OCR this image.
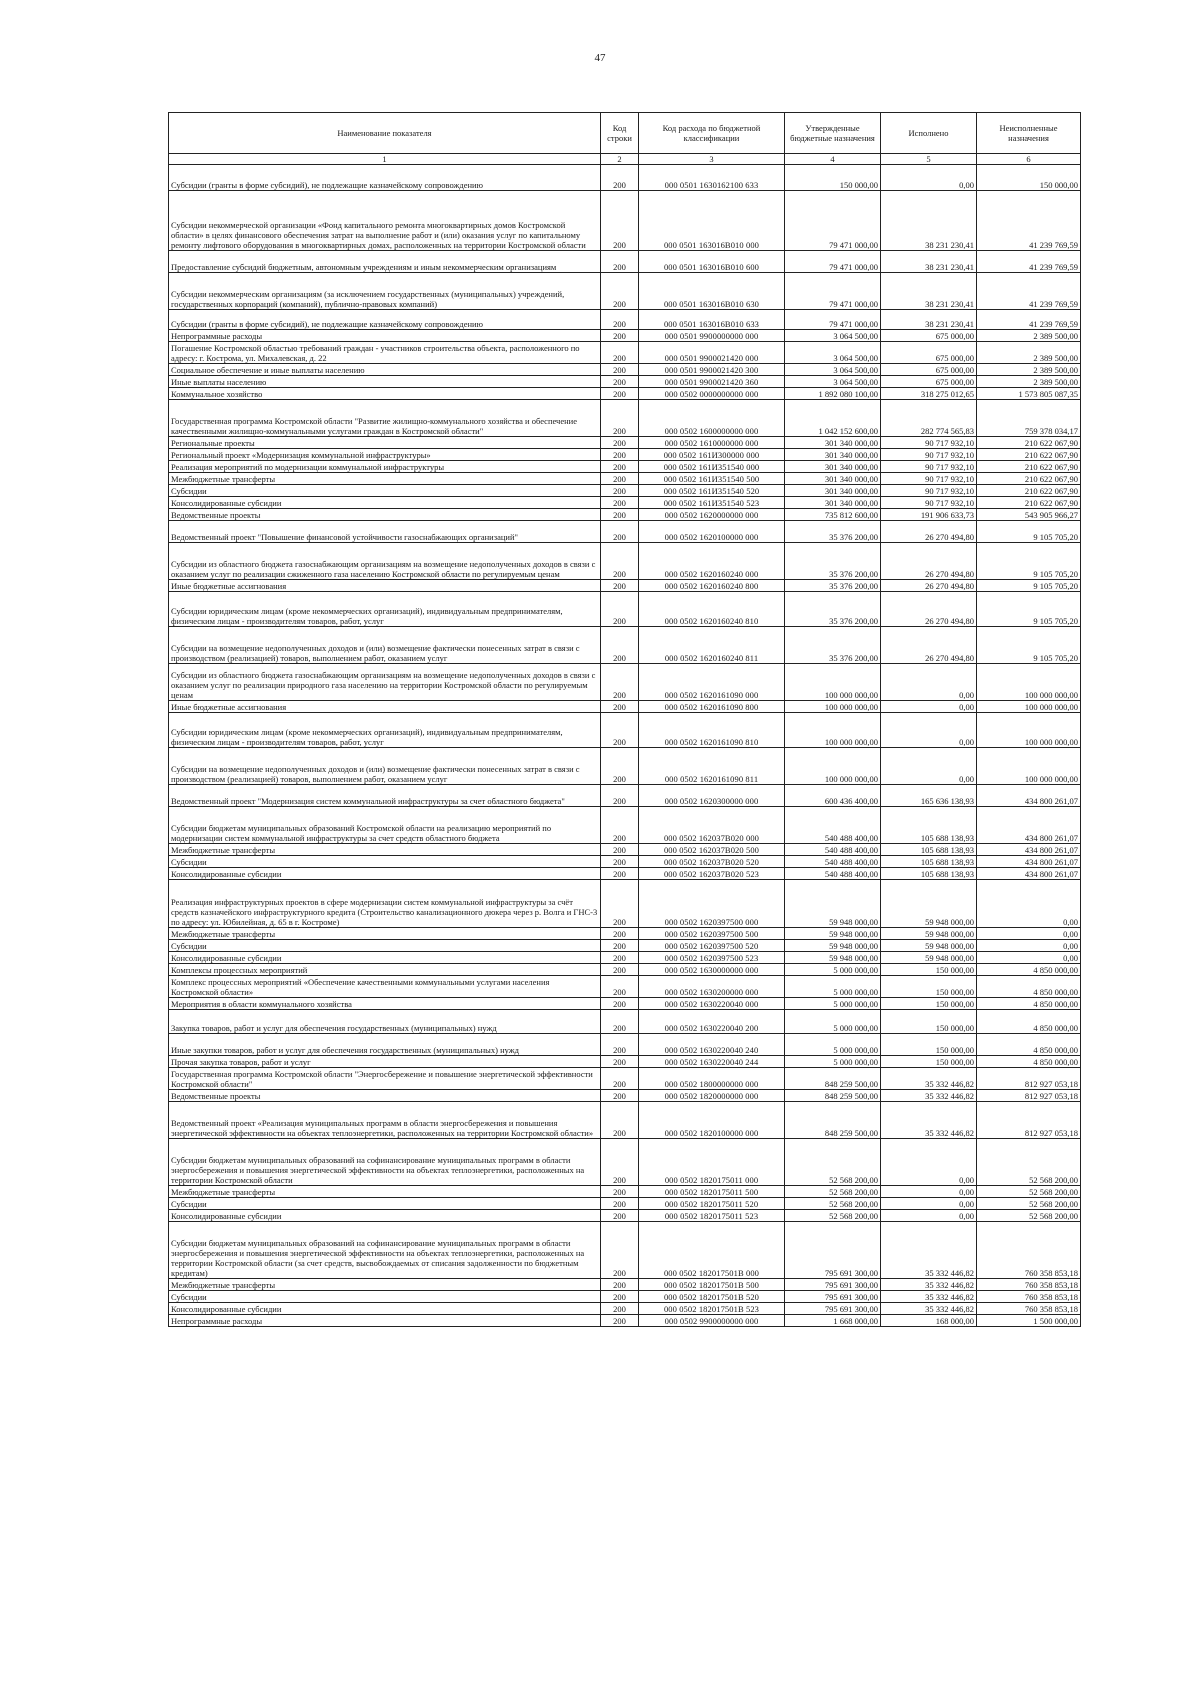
47
Наименование показателя	Код строки	Код расхода по бюджетной классификации	Утвержденные бюджетные назначения	Исполнено	Неисполненные назначения
1	2	3	4	5	6
Субсидии (гранты в форме субсидий), не подлежащие казначейскому сопровождению	200	000 0501 1630162100 633	150 000,00	0,00	150 000,00
Субсидии некоммерческой организации «Фонд капитального ремонта многоквартирных домов Костромской области» в целях финансового обеспечения затрат на выполнение работ и (или) оказания услуг по капитальному ремонту лифтового оборудования в многоквартирных домах, расположенных на территории Костромской области	200	000 0501 163016В010 000	79 471 000,00	38 231 230,41	41 239 769,59
Предоставление субсидий бюджетным, автономным учреждениям и иным некоммерческим организациям	200	000 0501 163016В010 600	79 471 000,00	38 231 230,41	41 239 769,59
Субсидии некоммерческим организациям (за исключением государственных (муниципальных) учреждений, государственных корпораций (компаний), публично-правовых компаний)	200	000 0501 163016В010 630	79 471 000,00	38 231 230,41	41 239 769,59
Субсидии (гранты в форме субсидий), не подлежащие казначейскому сопровождению	200	000 0501 163016В010 633	79 471 000,00	38 231 230,41	41 239 769,59
Непрограммные расходы	200	000 0501 9900000000 000	3 064 500,00	675 000,00	2 389 500,00
Погашение Костромской областью требований граждан - участников строительства объекта, расположенного по адресу: г. Кострома, ул. Михалевская, д. 22	200	000 0501 9900021420 000	3 064 500,00	675 000,00	2 389 500,00
Социальное обеспечение и иные выплаты населению	200	000 0501 9900021420 300	3 064 500,00	675 000,00	2 389 500,00
Иные выплаты населению	200	000 0501 9900021420 360	3 064 500,00	675 000,00	2 389 500,00
Коммунальное хозяйство	200	000 0502 0000000000 000	1 892 080 100,00	318 275 012,65	1 573 805 087,35
Государственная программа Костромской области "Развитие жилищно-коммунального хозяйства и обеспечение качественными жилищно-коммунальными услугами граждан в Костромской области"	200	000 0502 1600000000 000	1 042 152 600,00	282 774 565,83	759 378 034,17
Региональные проекты	200	000 0502 1610000000 000	301 340 000,00	90 717 932,10	210 622 067,90
Региональный проект «Модернизация коммунальной инфраструктуры»	200	000 0502 161И300000 000	301 340 000,00	90 717 932,10	210 622 067,90
Реализация мероприятий по модернизации коммунальной инфраструктуры	200	000 0502 161И351540 000	301 340 000,00	90 717 932,10	210 622 067,90
Межбюджетные трансферты	200	000 0502 161И351540 500	301 340 000,00	90 717 932,10	210 622 067,90
Субсидии	200	000 0502 161И351540 520	301 340 000,00	90 717 932,10	210 622 067,90
Консолидированные субсидии	200	000 0502 161И351540 523	301 340 000,00	90 717 932,10	210 622 067,90
Ведомственные проекты	200	000 0502 1620000000 000	735 812 600,00	191 906 633,73	543 905 966,27
Ведомственный проект "Повышение финансовой устойчивости газоснабжающих организаций"	200	000 0502 1620100000 000	35 376 200,00	26 270 494,80	9 105 705,20
Субсидии из областного бюджета газоснабжающим организациям на возмещение недополученных доходов в связи с оказанием услуг по реализации сжиженного газа населению Костромской области по регулируемым ценам	200	000 0502 1620160240 000	35 376 200,00	26 270 494,80	9 105 705,20
Иные бюджетные ассигнования	200	000 0502 1620160240 800	35 376 200,00	26 270 494,80	9 105 705,20
Субсидии юридическим лицам (кроме некоммерческих организаций), индивидуальным предпринимателям, физическим лицам - производителям товаров, работ, услуг	200	000 0502 1620160240 810	35 376 200,00	26 270 494,80	9 105 705,20
Субсидии на возмещение недополученных доходов и (или) возмещение фактически понесенных затрат в связи с производством (реализацией) товаров, выполнением работ, оказанием услуг	200	000 0502 1620160240 811	35 376 200,00	26 270 494,80	9 105 705,20
Субсидии из областного бюджета газоснабжающим организациям на возмещение недополученных доходов в связи с оказанием услуг по реализации природного газа населению на территории Костромской области по регулируемым ценам	200	000 0502 1620161090 000	100 000 000,00	0,00	100 000 000,00
Иные бюджетные ассигнования	200	000 0502 1620161090 800	100 000 000,00	0,00	100 000 000,00
Субсидии юридическим лицам (кроме некоммерческих организаций), индивидуальным предпринимателям, физическим лицам - производителям товаров, работ, услуг	200	000 0502 1620161090 810	100 000 000,00	0,00	100 000 000,00
Субсидии на возмещение недополученных доходов и (или) возмещение фактически понесенных затрат в связи с производством (реализацией) товаров, выполнением работ, оказанием услуг	200	000 0502 1620161090 811	100 000 000,00	0,00	100 000 000,00
Ведомственный проект "Модернизация систем коммунальной инфраструктуры за счет областного бюджета"	200	000 0502 1620300000 000	600 436 400,00	165 636 138,93	434 800 261,07
Субсидии бюджетам муниципальных образований Костромской области на реализацию мероприятий по модернизации систем коммунальной инфраструктуры за счет средств областного бюджета	200	000 0502 162037В020 000	540 488 400,00	105 688 138,93	434 800 261,07
Межбюджетные трансферты	200	000 0502 162037В020 500	540 488 400,00	105 688 138,93	434 800 261,07
Субсидии	200	000 0502 162037В020 520	540 488 400,00	105 688 138,93	434 800 261,07
Консолидированные субсидии	200	000 0502 162037В020 523	540 488 400,00	105 688 138,93	434 800 261,07
Реализация инфраструктурных проектов в сфере модернизации систем коммунальной инфраструктуры за счёт средств казначейского инфраструктурного кредита (Строительство канализационного дюкера через р. Волга и ГНС-3 по адресу: ул. Юбилейная, д. 65 в г. Костроме)	200	000 0502 1620397500 000	59 948 000,00	59 948 000,00	0,00
Межбюджетные трансферты	200	000 0502 1620397500 500	59 948 000,00	59 948 000,00	0,00
Субсидии	200	000 0502 1620397500 520	59 948 000,00	59 948 000,00	0,00
Консолидированные субсидии	200	000 0502 1620397500 523	59 948 000,00	59 948 000,00	0,00
Комплексы процессных мероприятий	200	000 0502 1630000000 000	5 000 000,00	150 000,00	4 850 000,00
Комплекс процессных мероприятий «Обеспечение качественными коммунальными услугами населения Костромской области»	200	000 0502 1630200000 000	5 000 000,00	150 000,00	4 850 000,00
Мероприятия в области коммунального хозяйства	200	000 0502 1630220040 000	5 000 000,00	150 000,00	4 850 000,00
Закупка товаров, работ и услуг для обеспечения государственных (муниципальных) нужд	200	000 0502 1630220040 200	5 000 000,00	150 000,00	4 850 000,00
Иные закупки товаров, работ и услуг для обеспечения государственных (муниципальных) нужд	200	000 0502 1630220040 240	5 000 000,00	150 000,00	4 850 000,00
Прочая закупка товаров, работ и услуг	200	000 0502 1630220040 244	5 000 000,00	150 000,00	4 850 000,00
Государственная программа Костромской области "Энергосбережение и повышение энергетической эффективности Костромской области"	200	000 0502 1800000000 000	848 259 500,00	35 332 446,82	812 927 053,18
Ведомственные проекты	200	000 0502 1820000000 000	848 259 500,00	35 332 446,82	812 927 053,18
Ведомственный проект «Реализация муниципальных программ в области энергосбережения и повышения энергетической эффективности на объектах теплоэнергетики, расположенных на территории Костромской области»	200	000 0502 1820100000 000	848 259 500,00	35 332 446,82	812 927 053,18
Субсидии бюджетам муниципальных образований на софинансирование муниципальных программ в области энергосбережения и повышения энергетической эффективности на объектах теплоэнергетики, расположенных на территории Костромской области	200	000 0502 1820175011 000	52 568 200,00	0,00	52 568 200,00
Межбюджетные трансферты	200	000 0502 1820175011 500	52 568 200,00	0,00	52 568 200,00
Субсидии	200	000 0502 1820175011 520	52 568 200,00	0,00	52 568 200,00
Консолидированные субсидии	200	000 0502 1820175011 523	52 568 200,00	0,00	52 568 200,00
Субсидии бюджетам муниципальных образований на софинансирование муниципальных программ в области энергосбережения и повышения энергетической эффективности на объектах теплоэнергетики, расположенных на территории Костромской области (за счет средств, высвобождаемых от списания задолженности по бюджетным кредитам)	200	000 0502 182017501В 000	795 691 300,00	35 332 446,82	760 358 853,18
Межбюджетные трансферты	200	000 0502 182017501В 500	795 691 300,00	35 332 446,82	760 358 853,18
Субсидии	200	000 0502 182017501В 520	795 691 300,00	35 332 446,82	760 358 853,18
Консолидированные субсидии	200	000 0502 182017501В 523	795 691 300,00	35 332 446,82	760 358 853,18
Непрограммные расходы	200	000 0502 9900000000 000	1 668 000,00	168 000,00	1 500 000,00
